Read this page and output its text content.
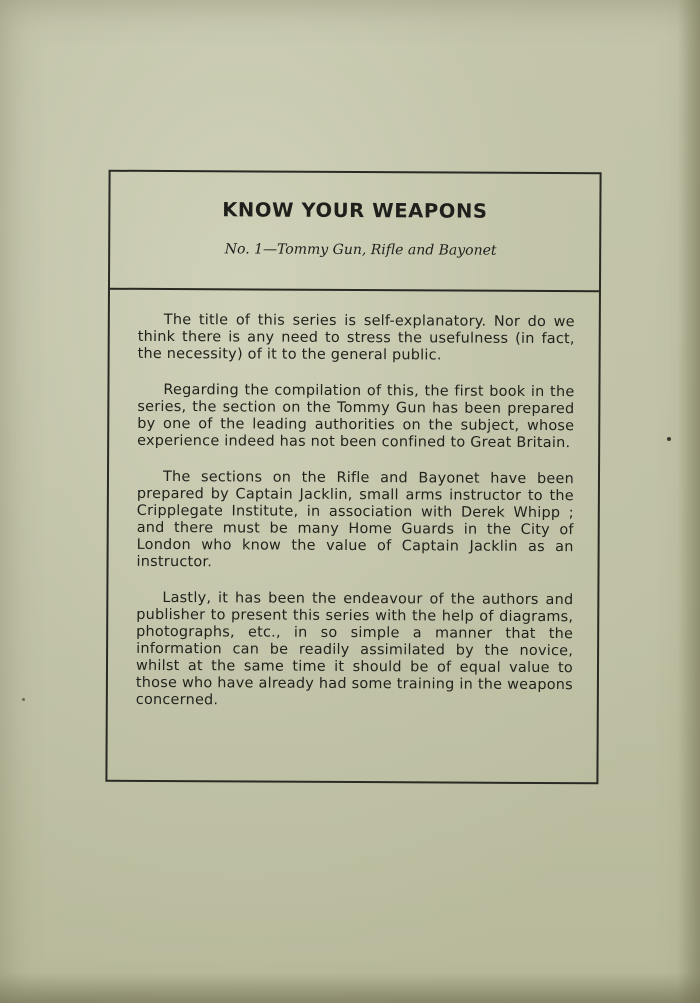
KNOW YOUR WEAPONS
No. 1—Tommy Gun, Rifle and Bayonet

The title of this series is self-explanatory. Nor do we think there is any need to stress the usefulness (in fact, the necessity) of it to the general public.

Regarding the compilation of this, the first book in the series, the section on the Tommy Gun has been prepared by one of the leading authorities on the subject, whose experience indeed has not been confined to Great Britain.

The sections on the Rifle and Bayonet have been prepared by Captain Jacklin, small arms instructor to the Cripplegate Institute, in association with Derek Whipp ; and there must be many Home Guards in the City of London who know the value of Captain Jacklin as an instructor.

Lastly, it has been the endeavour of the authors and publisher to present this series with the help of diagrams, photographs, etc., in so simple a manner that the information can be readily assimilated by the novice, whilst at the same time it should be of equal value to those who have already had some training in the weapons concerned.
